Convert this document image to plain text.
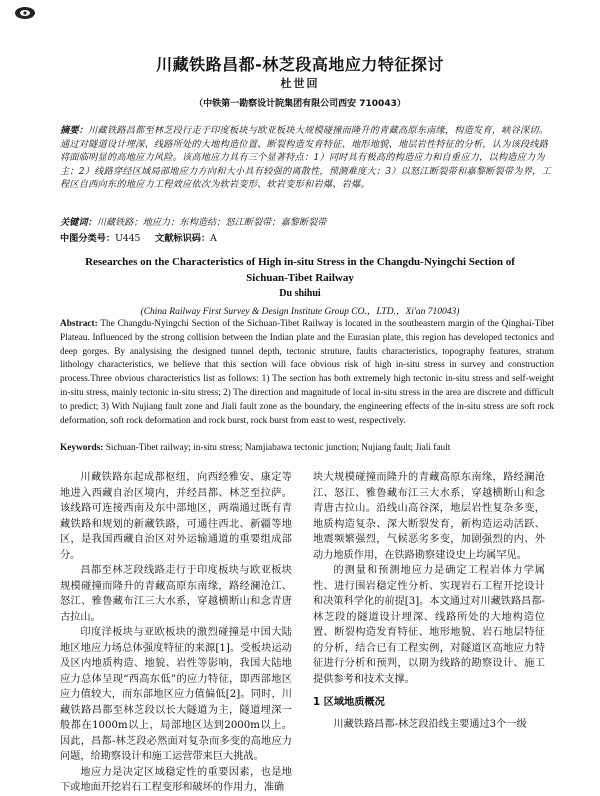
川藏铁路昌都-林芝段高地应力特征探讨
杜世回
（中铁第一勘察设计院集团有限公司西安 710043）

摘要：川藏铁路昌都至林芝段行走于印度板块与欧亚板块大规模碰撞而隆升的青藏高原东南缘，构造发育，峡谷深切。通过对隧道设计埋深、线路所处的大地构造位置、断裂构造发育特征、地形地貌、地层岩性特征的分析，认为该段线路将面临明显的高地应力风险。该高地应力具有三个显著特点：1）同时具有极高的构造应力和自重应力，以构造应力为主；2）线路穿经区域局部地应力方向和大小具有较强的离散性，预测难度大；3）以怒江断裂带和嘉黎断裂带为界，工程区自西向东的地应力工程效应依次为软岩变形、软岩变形和岩爆、岩爆。

关键词：川藏铁路；地应力；东构造结；怒江断裂带；嘉黎断裂带

中图分类号：U445 文献标识码：A

Researches on the Characteristics of High in-situ Stress in the Changdu-Nyingchi Section of
Sichuan-Tibet Railway
Du shihui
(China Railway First Survey & Design Institute Group CO.，LTD.，Xi'an 710043)

Abstract: The Changdu-Nyingchi Section of the Sichuan-Tibet Railway is located in the southeastern margin of the Qinghai-Tibet Plateau. Influenced by the strong collision between the Indian plate and the Eurasian plate, this region has developed tectonics and deep gorges. By analysising the designed tunnel depth, tectonic struture, faults characteristics, topography features, stratum lithology characteristics, we believe that this section will face obvious risk of high in-situ stress in survey and construction process.Three obvious characteristics list as follows: 1) The section has both extremely high tectonic in-situ stress and self-weight in-situ stress, mainly tectonic in-situ stress; 2) The direction and magnitude of local in-situ stress in the area are discrete and difficult to predict; 3) With Nujiang fault zone and Jiali fault zone as the boundary, the engineering effects of the in-situ stress are soft rock deformation, soft rock deformation and rock burst, rock burst from east to west, respectively.

Keywords: Sichuan-Tibet railway; in-situ stress; Namjiabawa tectonic junction; Nujiang fault; Jiali fault

川藏铁路东起成都枢纽，向西经雅安、康定等地进入西藏自治区境内，并经昌都、林芝至拉萨。该线路可连接西南及东中部地区，两端通过既有青藏铁路和规划的新藏铁路，可通往西北、新疆等地区，是我国西藏自治区对外运输通道的重要组成部分。

昌都至林芝段线路走行于印度板块与欧亚板块规模碰撞而隆升的青藏高原东南缘，路经澜沧江、怒江、雅鲁藏布江三大水系，穿越横断山和念青唐古拉山。

印度洋板块与亚欧板块的激烈碰撞是中国大陆地区地应力场总体强度特征的来源[1]。受板块运动及区内地质构造、地貌、岩性等影响，我国大陆地应力总体呈现“西高东低”的应力特征，即西部地区应力值较大，而东部地区应力值偏低[2]。同时，川藏铁路昌都至林芝段以长大隧道为主，隧道埋深一般都在1000m以上，局部地区达到2000m以上。因此，昌都-林芝段必然面对复杂而多变的高地应力问题，给勘察设计和施工运营带来巨大挑战。

地应力是决定区域稳定性的重要因素，也是地下或地面开挖岩石工程变形和破坏的作用力，准确

块大规模碰撞而隆升的青藏高原东南缘，路经澜沧江、怒江、雅鲁藏布江三大水系，穿越横断山和念青唐古拉山。沿线山高谷深，地层岩性复杂多变，地质构造复杂、深大断裂发育，新构造运动活跃、地震频繁强烈，气候恶劣多变，加剧强烈的内、外动力地质作用，在铁路勘察建设史上均属罕见。

的测量和预测地应力是确定工程岩体力学属性、进行围岩稳定性分析、实现岩石工程开挖设计和决策科学化的前提[3]。本文通过对川藏铁路昌都-林芝段的隧道设计埋深、线路所处的大地构造位置、断裂构造发育特征、地形地貌、岩石地层特征的分析，结合已有工程实例，对隧道区高地应力特征进行分析和预判，以期为线路的勘察设计、施工提供参考和技术支撑。

1 区域地质概况

川藏铁路昌都-林芝段沿线主要通过3个一级
